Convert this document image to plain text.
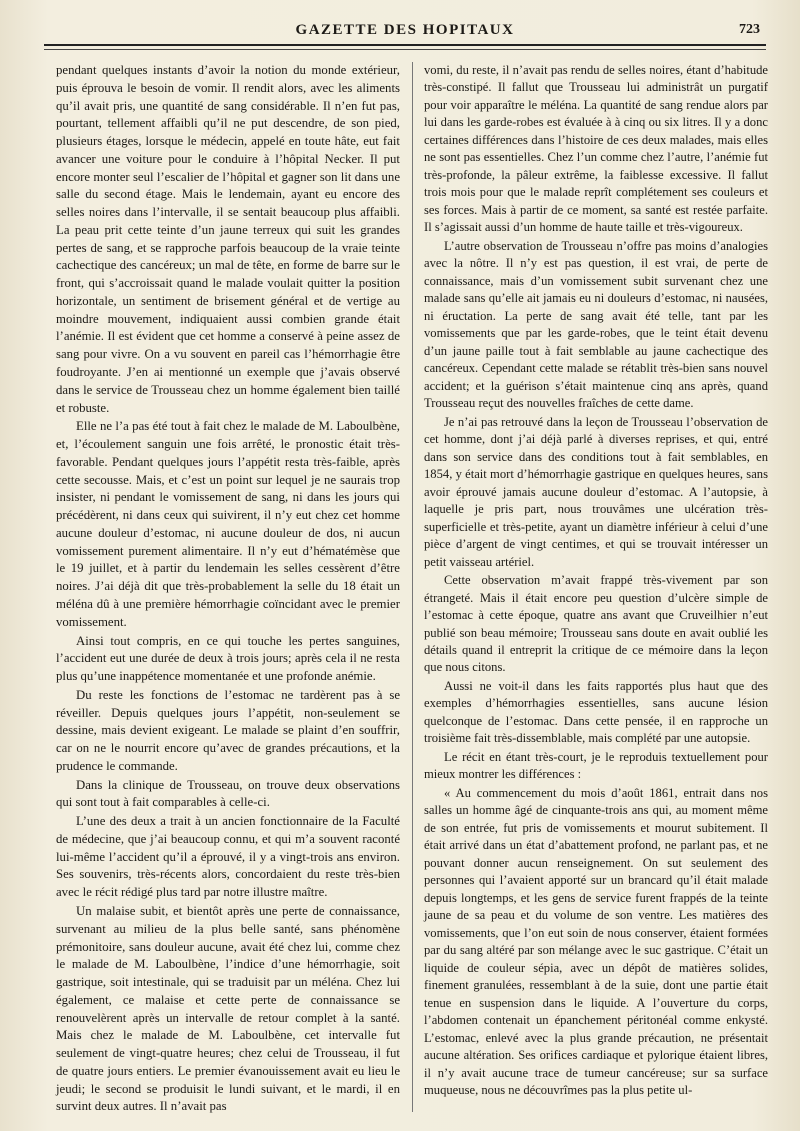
GAZETTE DES HOPITAUX	723

pendant quelques instants d’avoir la notion du monde extérieur, puis éprouva le besoin de vomir. Il rendit alors, avec les aliments qu’il avait pris, une quantité de sang considérable. Il n’en fut pas, pourtant, tellement affaibli qu’il ne put descendre, de son pied, plusieurs étages, lorsque le médecin, appelé en toute hâte, eut fait avancer une voiture pour le conduire à l’hôpital Necker. Il put encore monter seul l’escalier de l’hôpital et gagner son lit dans une salle du second étage. Mais le lendemain, ayant eu encore des selles noires dans l’intervalle, il se sentait beaucoup plus affaibli. La peau prit cette teinte d’un jaune terreux qui suit les grandes pertes de sang, et se rapproche parfois beaucoup de la vraie teinte cachectique des cancéreux; un mal de tête, en forme de barre sur le front, qui s’accroissait quand le malade voulait quitter la position horizontale, un sentiment de brisement général et de vertige au moindre mouvement, indiquaient aussi combien grande était l’anémie. Il est évident que cet homme a conservé à peine assez de sang pour vivre. On a vu souvent en pareil cas l’hémorrhagie être foudroyante. J’en ai mentionné un exemple que j’avais observé dans le service de Trousseau chez un homme également bien taillé et robuste.

Elle ne l’a pas été tout à fait chez le malade de M. Laboulbène, et, l’écoulement sanguin une fois arrêté, le pronostic était très-favorable. Pendant quelques jours l’appétit resta très-faible, après cette secousse. Mais, et c’est un point sur lequel je ne saurais trop insister, ni pendant le vomissement de sang, ni dans les jours qui précédèrent, ni dans ceux qui suivirent, il n’y eut chez cet homme aucune douleur d’estomac, ni aucune douleur de dos, ni aucun vomissement purement alimentaire. Il n’y eut d’hématémèse que le 19 juillet, et à partir du lendemain les selles cessèrent d’être noires. J’ai déjà dit que très-probablement la selle du 18 était un méléna dû à une première hémorrhagie coïncidant avec le premier vomissement.

Ainsi tout compris, en ce qui touche les pertes sanguines, l’accident eut une durée de deux à trois jours; après cela il ne resta plus qu’une inappétence momentanée et une profonde anémie.

Du reste les fonctions de l’estomac ne tardèrent pas à se réveiller. Depuis quelques jours l’appétit, non-seulement se dessine, mais devient exigeant. Le malade se plaint d’en souffrir, car on ne le nourrit encore qu’avec de grandes précautions, et la prudence le commande.

Dans la clinique de Trousseau, on trouve deux observations qui sont tout à fait comparables à celle-ci.

L’une des deux a trait à un ancien fonctionnaire de la Faculté de médecine, que j’ai beaucoup connu, et qui m’a souvent raconté lui-même l’accident qu’il a éprouvé, il y a vingt-trois ans environ. Ses souvenirs, très-récents alors, concordaient du reste très-bien avec le récit rédigé plus tard par notre illustre maître.

Un malaise subit, et bientôt après une perte de connaissance, survenant au milieu de la plus belle santé, sans phénomène prémonitoire, sans douleur aucune, avait été chez lui, comme chez le malade de M. Laboulbène, l’indice d’une hémorrhagie, soit gastrique, soit intestinale, qui se traduisit par un méléna. Chez lui également, ce malaise et cette perte de connaissance se renouvelèrent après un intervalle de retour complet à la santé. Mais chez le malade de M. Laboulbène, cet intervalle fut seulement de vingt-quatre heures; chez celui de Trousseau, il fut de quatre jours entiers. Le premier évanouissement avait eu lieu le jeudi; le second se produisit le lundi suivant, et le mardi, il en survint deux autres. Il n’avait pas

vomi, du reste, il n’avait pas rendu de selles noires, étant d’habitude très-constipé. Il fallut que Trousseau lui administrât un purgatif pour voir apparaître le méléna. La quantité de sang rendue alors par lui dans les garde-robes est évaluée à à cinq ou six litres. Il y a donc certaines différences dans l’histoire de ces deux malades, mais elles ne sont pas essentielles. Chez l’un comme chez l’autre, l’anémie fut très-profonde, la pâleur extrême, la faiblesse excessive. Il fallut trois mois pour que le malade reprît complétement ses couleurs et ses forces. Mais à partir de ce moment, sa santé est restée parfaite. Il s’agissait aussi d’un homme de haute taille et très-vigoureux.

L’autre observation de Trousseau n’offre pas moins d’analogies avec la nôtre. Il n’y est pas question, il est vrai, de perte de connaissance, mais d’un vomissement subit survenant chez une malade sans qu’elle ait jamais eu ni douleurs d’estomac, ni nausées, ni éructation. La perte de sang avait été telle, tant par les vomissements que par les garde-robes, que le teint était devenu d’un jaune paille tout à fait semblable au jaune cachectique des cancéreux. Cependant cette malade se rétablit très-bien sans nouvel accident; et la guérison s’était maintenue cinq ans après, quand Trousseau reçut des nouvelles fraîches de cette dame.

Je n’ai pas retrouvé dans la leçon de Trousseau l’observation de cet homme, dont j’ai déjà parlé à diverses reprises, et qui, entré dans son service dans des conditions tout à fait semblables, en 1854, y était mort d’hémorrhagie gastrique en quelques heures, sans avoir éprouvé jamais aucune douleur d’estomac. A l’autopsie, à laquelle je pris part, nous trouvâmes une ulcération très-superficielle et très-petite, ayant un diamètre inférieur à celui d’une pièce d’argent de vingt centimes, et qui se trouvait intéresser un petit vaisseau artériel.

Cette observation m’avait frappé très-vivement par son étrangeté. Mais il était encore peu question d’ulcère simple de l’estomac à cette époque, quatre ans avant que Cruveilhier n’eut publié son beau mémoire; Trousseau sans doute en avait oublié les détails quand il entreprit la critique de ce mémoire dans la leçon que nous citons.

Aussi ne voit-il dans les faits rapportés plus haut que des exemples d’hémorrhagies essentielles, sans aucune lésion quelconque de l’estomac. Dans cette pensée, il en rapproche un troisième fait très-dissemblable, mais complété par une autopsie.

Le récit en étant très-court, je le reproduis textuellement pour mieux montrer les différences :

« Au commencement du mois d’août 1861, entrait dans nos salles un homme âgé de cinquante-trois ans qui, au moment même de son entrée, fut pris de vomissements et mourut subitement. Il était arrivé dans un état d’abattement profond, ne parlant pas, et ne pouvant donner aucun renseignement. On sut seulement des personnes qui l’avaient apporté sur un brancard qu’il était malade depuis longtemps, et les gens de service furent frappés de la teinte jaune de sa peau et du volume de son ventre. Les matières des vomissements, que l’on eut soin de nous conserver, étaient formées par du sang altéré par son mélange avec le suc gastrique. C’était un liquide de couleur sépia, avec un dépôt de matières solides, finement granulées, ressemblant à de la suie, dont une partie était tenue en suspension dans le liquide. A l’ouverture du corps, l’abdomen contenait un épanchement péritonéal comme enkysté. L’estomac, enlevé avec la plus grande précaution, ne présentait aucune altération. Ses orifices cardiaque et pylorique étaient libres, il n’y avait aucune trace de tumeur cancéreuse; sur sa surface muqueuse, nous ne découvrîmes pas la plus petite ul-
